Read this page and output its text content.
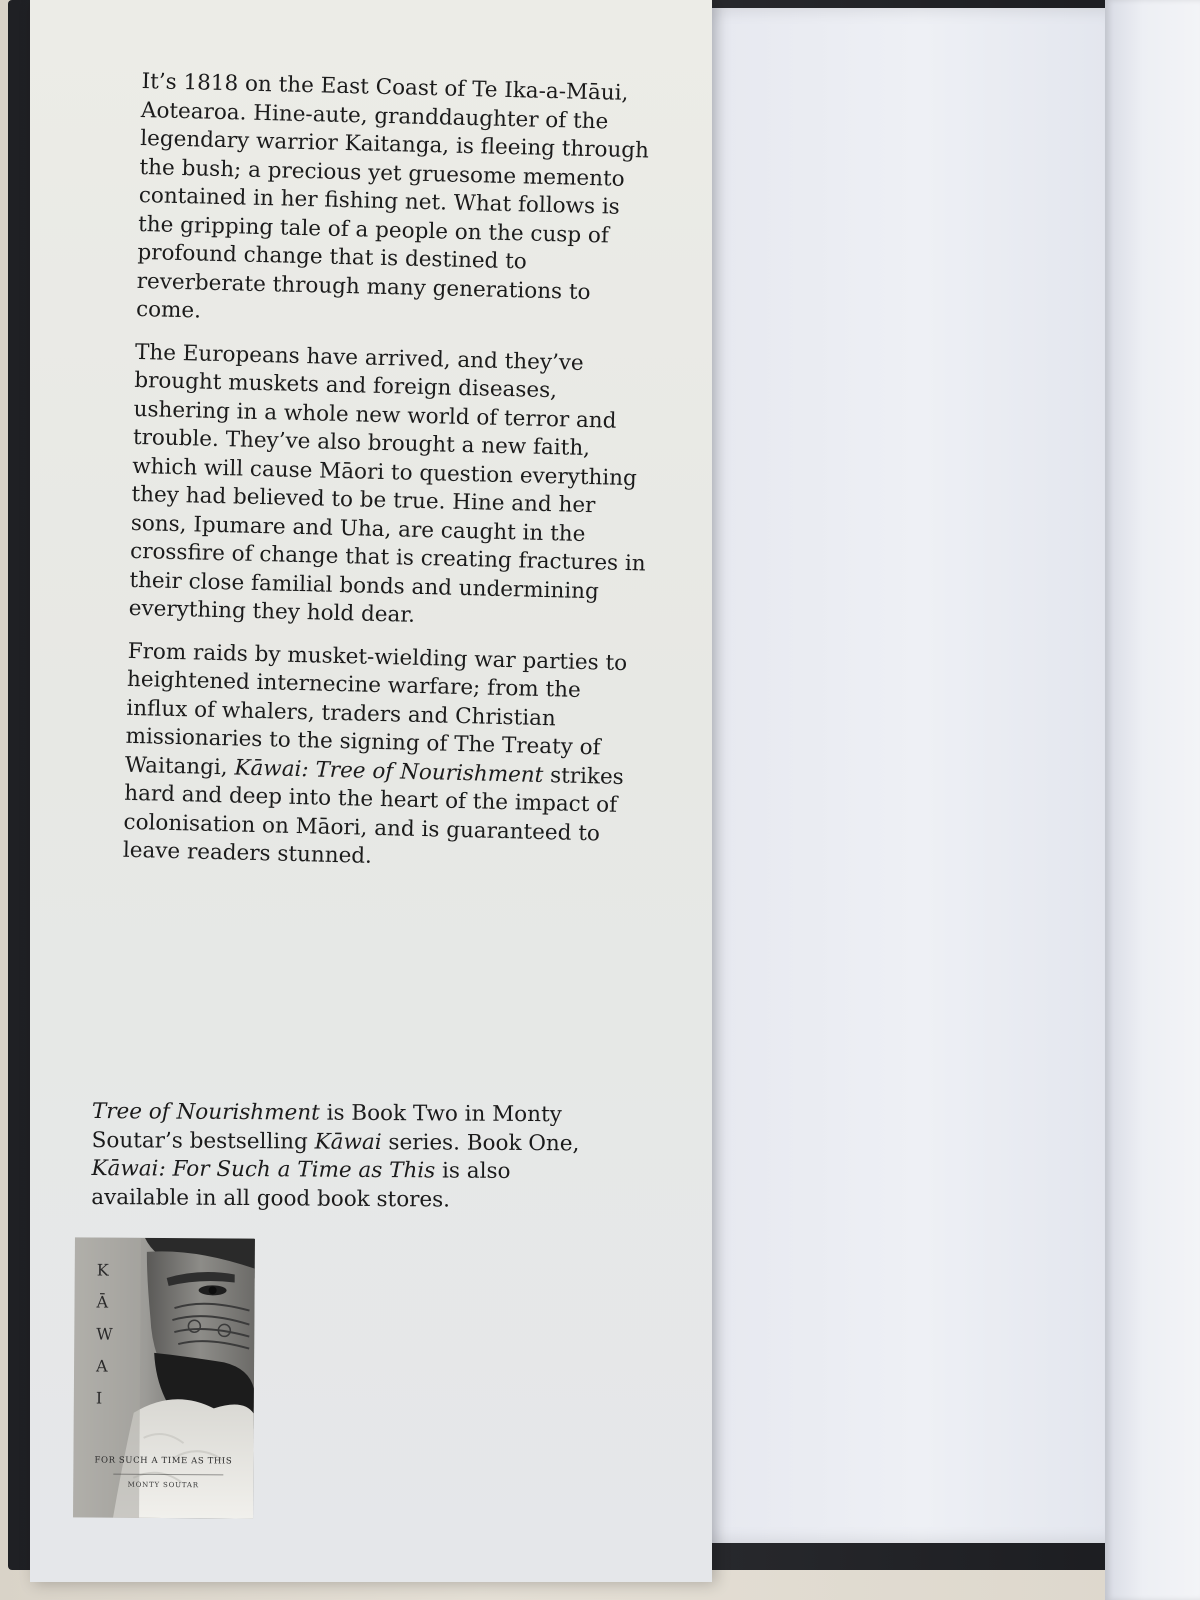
It’s 1818 on the East Coast of Te Ika-a-Māui, Aotearoa. Hine-aute, granddaughter of the legendary warrior Kaitanga, is fleeing through the bush; a precious yet gruesome memento contained in her fishing net. What follows is the gripping tale of a people on the cusp of profound change that is destined to reverberate through many generations to come.

The Europeans have arrived, and they’ve brought muskets and foreign diseases, ushering in a whole new world of terror and trouble. They’ve also brought a new faith, which will cause Māori to question everything they had believed to be true. Hine and her sons, Ipumare and Uha, are caught in the crossfire of change that is creating fractures in their close familial bonds and undermining everything they hold dear.

From raids by musket-wielding war parties to heightened internecine warfare; from the influx of whalers, traders and Christian missionaries to the signing of The Treaty of Waitangi, Kāwai: Tree of Nourishment strikes hard and deep into the heart of the impact of colonisation on Māori, and is guaranteed to leave readers stunned.

Tree of Nourishment is Book Two in Monty Soutar’s bestselling Kāwai series. Book One, Kāwai: For Such a Time as This is also available in all good book stores.

K
Ā
W
A
I
FOR SUCH A TIME AS THIS
MONTY SOUTAR
